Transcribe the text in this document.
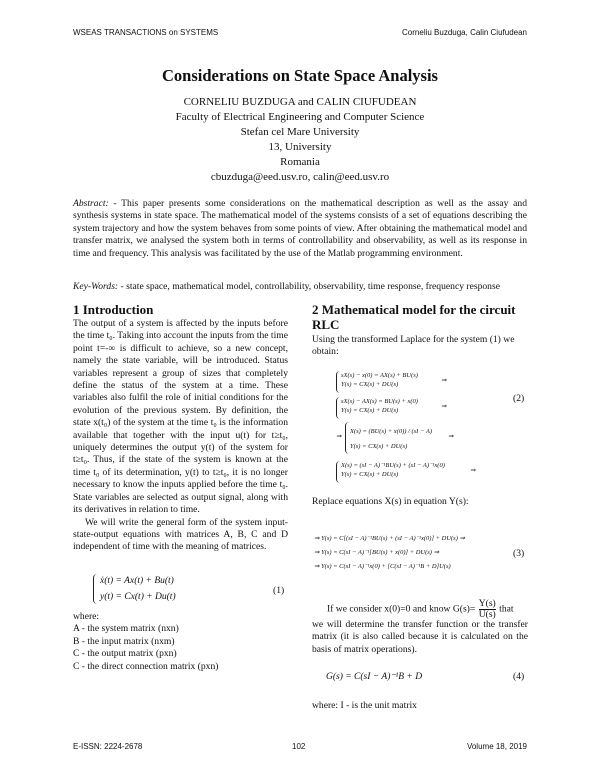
WSEAS TRANSACTIONS on SYSTEMS	Corneliu Buzduga, Calin Ciufudean
Considerations on State Space Analysis
CORNELIU BUZDUGA and CALIN CIUFUDEAN
Faculty of Electrical Engineering and Computer Science
Stefan cel Mare University
13, University
Romania
cbuzduga@eed.usv.ro, calin@eed.usv.ro
Abstract: - This paper presents some considerations on the mathematical description as well as the assay and synthesis systems in state space. The mathematical model of the systems consists of a set of equations describing the system trajectory and how the system behaves from some points of view. After obtaining the mathematical model and transfer matrix, we analysed the system both in terms of controllability and observability, as well as its response in time and frequency. This analysis was facilitated by the use of the Matlab programming environment.
Key-Words: - state space, mathematical model, controllability, observability, time response, frequency response
1 Introduction

The output of a system is affected by the inputs before the time t₀. Taking into account the inputs from the time point t=-∞ is difficult to achieve, so a new concept, namely the state variable, will be introduced. Status variables represent a group of sizes that completely define the status of the system at a time. These variables also fulfil the role of initial conditions for the evolution of the previous system. By definition, the state x(t₀) of the system at the time t₀ is the information available that together with the input u(t) for t≥t₀, uniquely determines the output y(t) of the system for t≥t₀. Thus, if the state of the system is known at the time t₀ of its determination, y(t) to t≥t₀, it is no longer necessary to know the inputs applied before the time t₀. State variables are selected as output signal, along with its derivatives in relation to time.

We will write the general form of the system input-state-output equations with matrices A, B, C and D independent of time with the meaning of matrices.

ẋ(t) = Ax(t) + Bu(t)
y(t) = Cx(t) + Du(t)
(1)

where:

A - the system matrix (nxn)

B - the input matrix (nxm)

C - the output matrix (pxn)

C - the direct connection matrix (pxn)

2 Mathematical model for the circuit RLC
Using the transformed Laplace for the system (1) we obtain:
sX(s) − x(0) = AX(s) + BU(s)
Y(s) = CX(s) + DU(s)
⇒
sX(s) − AX(s) = BU(s) + x(0)
Y(s) = CX(s) + DU(s)
⇒
⇒
X(s) = (BU(s) + x(0)) / (sI − A)
Y(s) = CX(s) + DU(s)
⇒
(2)
X(s) = (sI − A)⁻¹BU(s) + (sI − A)⁻¹x(0)
Y(s) = CX(s) + DU(s)
⇒
Replace equations X(s) in equation Y(s):
⇒ Y(s) = C[(sI − A)⁻¹BU(s) + (sI − A)⁻¹x(0)] + DU(s) ⇒
⇒ Y(s) = C(sI − A)⁻¹[BU(s) + x(0)] + DU(s) ⇒
⇒ Y(s) = C(sI − A)⁻¹x(0) + [C(sI − A)⁻¹B + D]U(s)
(3)
If we consider x(0)=0 and know $G(s)= \frac{Y(s)}{U(s)}$ that
we will determine the transfer function or the transfer matrix (it is also called because it is calculated on the basis of matrix operations).
G(s) = C(sI − A)⁻¹B + D	(4)
where: I - is the unit matrix
E-ISSN: 2224-2678	102	Volume 18, 2019
